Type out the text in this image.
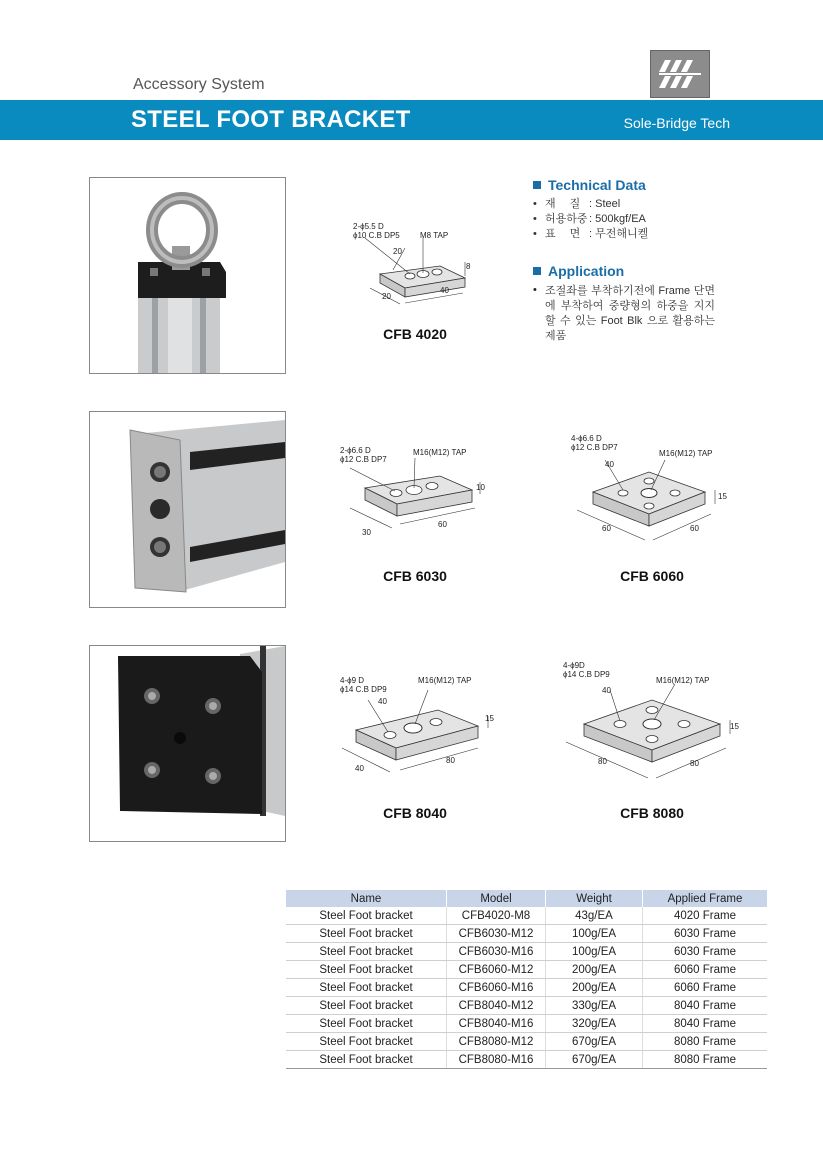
Accessory System
STEEL FOOT BRACKET	Sole-Bridge Tech
2-ϕ5.5 D
ϕ10 C.B DP5	M8 TAP
20
8
20
40
CFB 4020
Technical Data
• 재　 질 : Steel
• 허용하중: 500kgf/EA
• 표　 면 : 무전해니켈
Application
• 조절좌를 부착하기전에 Frame 단면에 부착하여 중량형의 하중을 지지할 수 있는 Foot Blk 으로 활용하는 제품
2-ϕ6.6 D
ϕ12 C.B DP7
M16(M12) TAP
10
30
60
CFB 6030
4-ϕ6.6 D
ϕ12 C.B DP7
M16(M12) TAP
40
15
60	60
CFB 6060
4-ϕ9 D
ϕ14 C.B DP9
M16(M12) TAP
40
15
40
80
CFB 8040
4-ϕ9D
ϕ14 C.B DP9
M16(M12) TAP
40
15
80	80
CFB 8080
Name	Model	Weight	Applied Frame
Steel Foot bracket	CFB4020-M8	43g/EA	4020 Frame
Steel Foot bracket	CFB6030-M12	100g/EA	6030 Frame
Steel Foot bracket	CFB6030-M16	100g/EA	6030 Frame
Steel Foot bracket	CFB6060-M12	200g/EA	6060 Frame
Steel Foot bracket	CFB6060-M16	200g/EA	6060 Frame
Steel Foot bracket	CFB8040-M12	330g/EA	8040 Frame
Steel Foot bracket	CFB8040-M16	320g/EA	8040 Frame
Steel Foot bracket	CFB8080-M12	670g/EA	8080 Frame
Steel Foot bracket	CFB8080-M16	670g/EA	8080 Frame
